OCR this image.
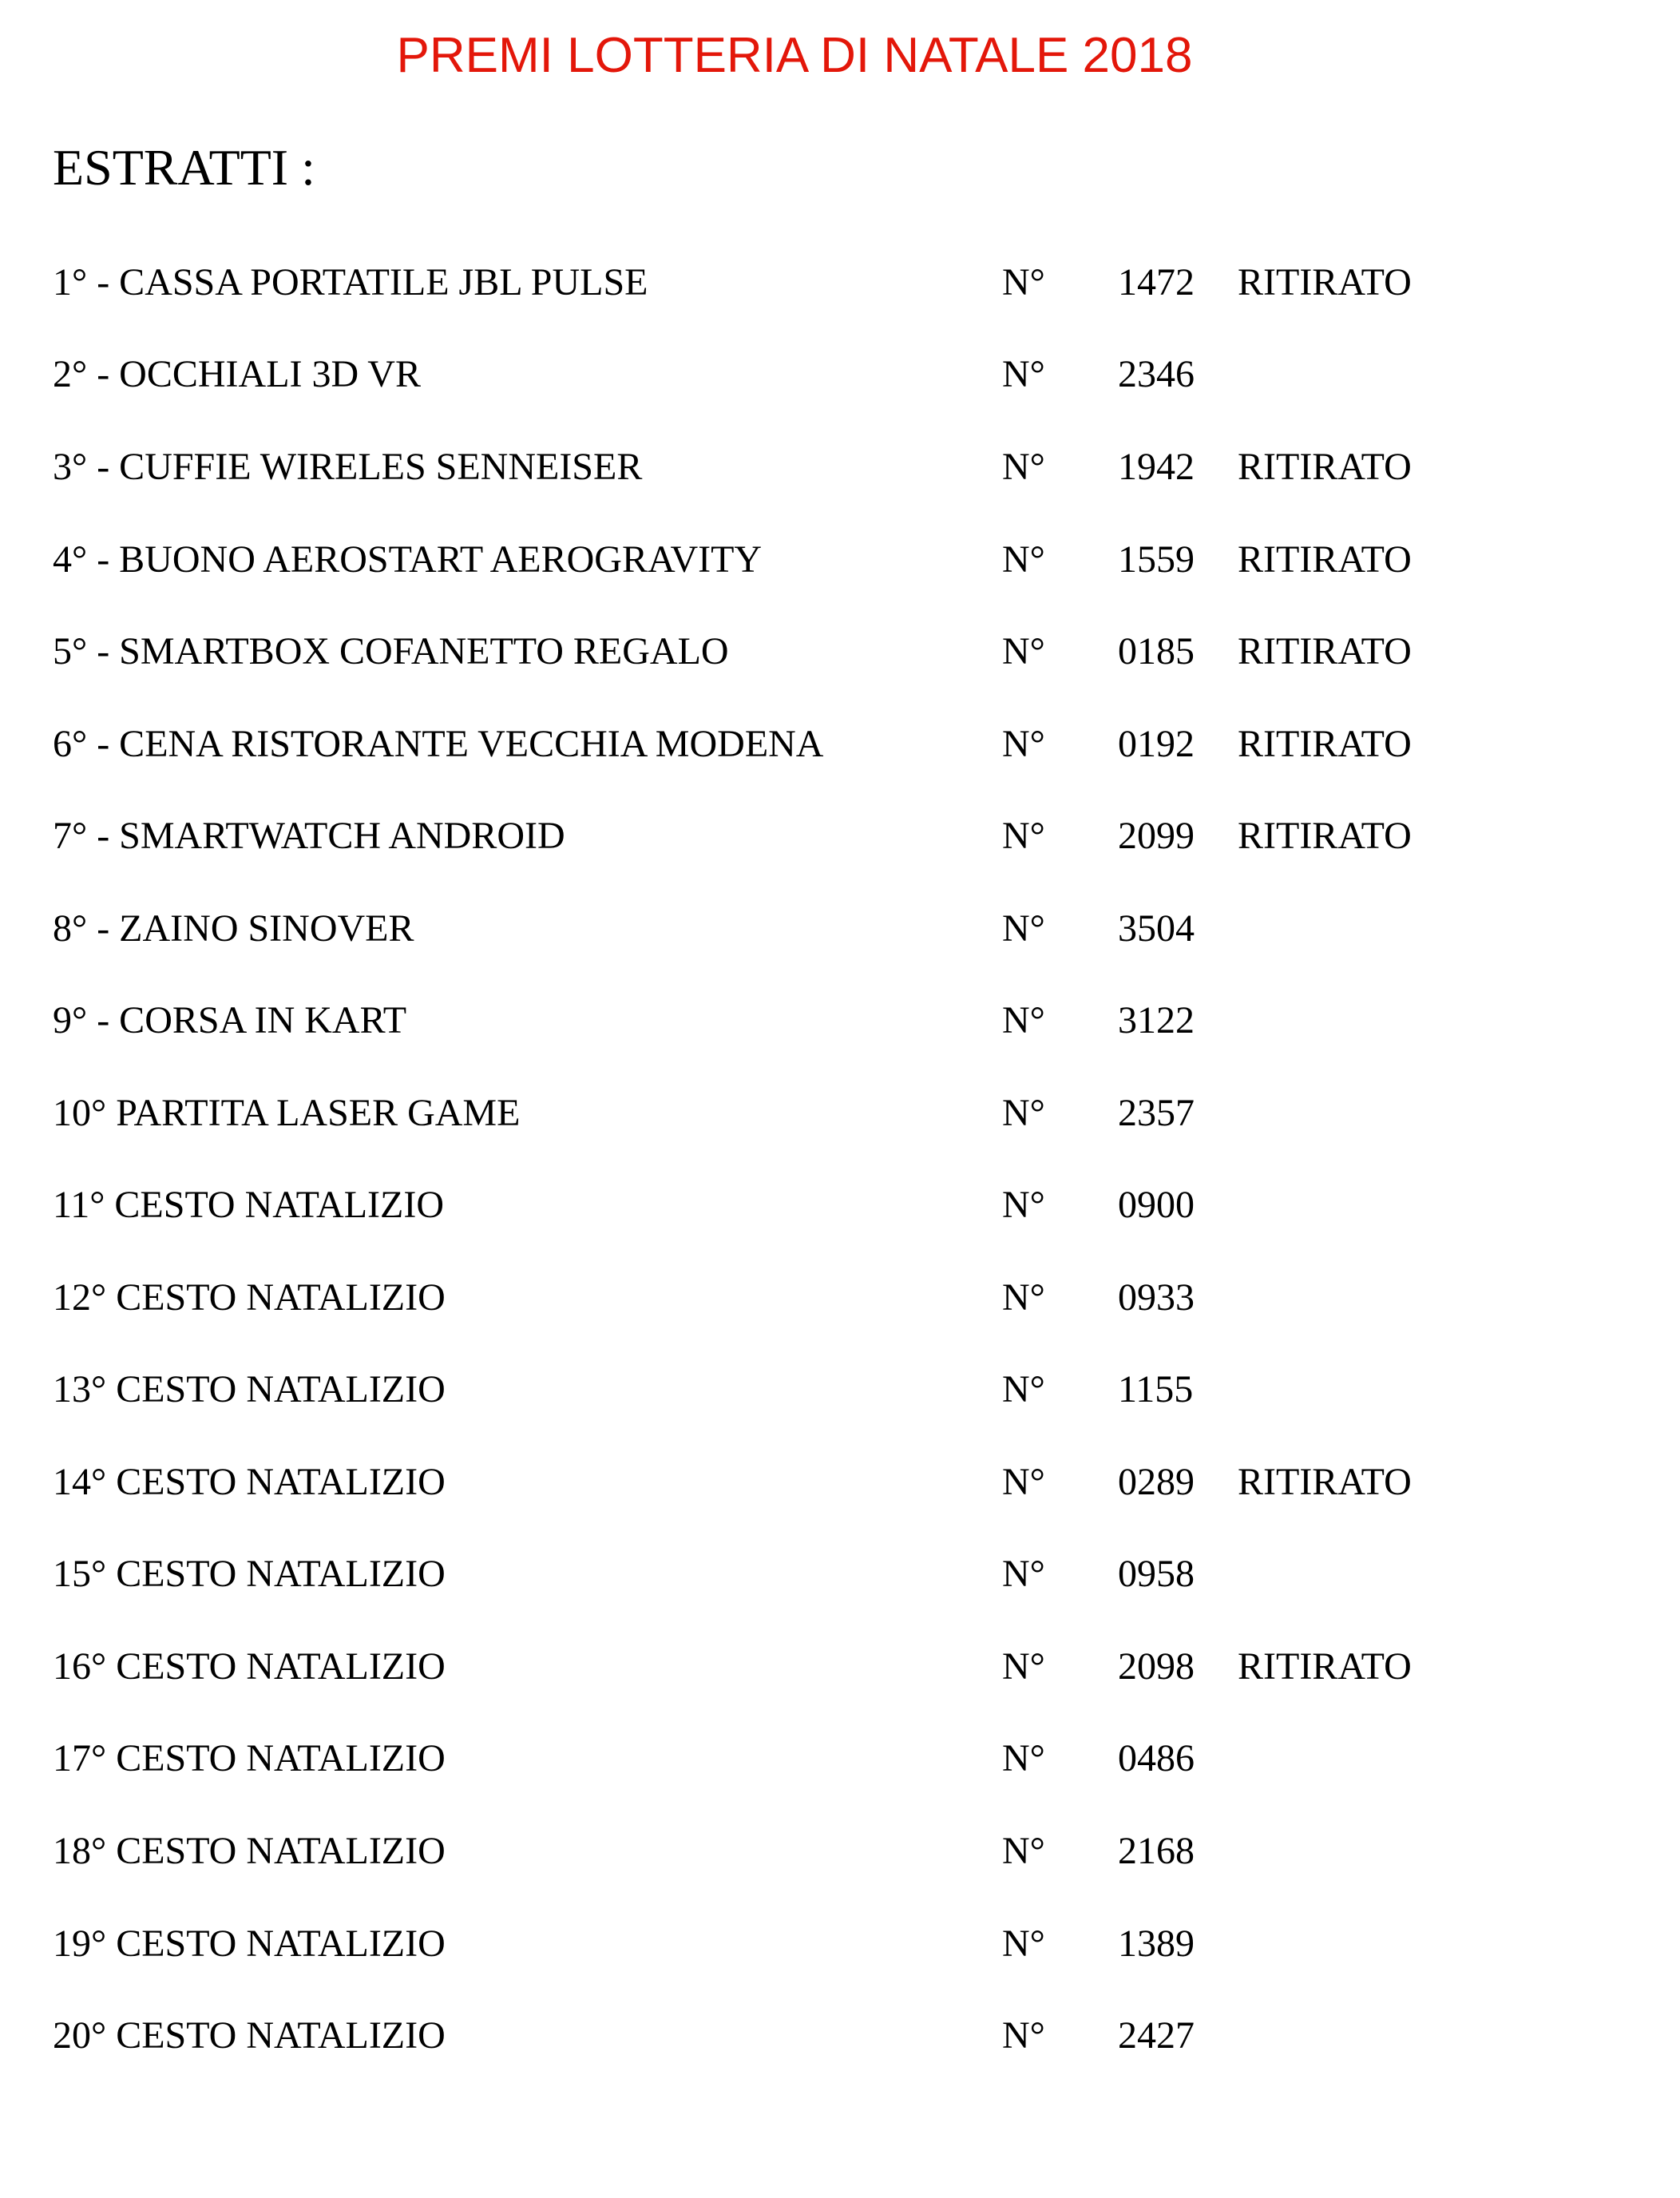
PREMI LOTTERIA DI NATALE 2018
ESTRATTI :
1° - CASSA PORTATILE JBL PULSE	N° 1472 RITIRATO
2° - OCCHIALI 3D VR	N° 2346
3° - CUFFIE WIRELES SENNEISER	N° 1942 RITIRATO
4° - BUONO AEROSTART AEROGRAVITY	N° 1559 RITIRATO
5° - SMARTBOX COFANETTO REGALO	N° 0185 RITIRATO
6° - CENA RISTORANTE VECCHIA MODENA	N° 0192 RITIRATO
7° - SMARTWATCH ANDROID	N° 2099 RITIRATO
8° - ZAINO SINOVER	N° 3504
9° - CORSA IN KART	N° 3122
10° PARTITA LASER GAME	N° 2357
11° CESTO NATALIZIO	N° 0900
12° CESTO NATALIZIO	N° 0933
13° CESTO NATALIZIO	N° 1155
14° CESTO NATALIZIO	N° 0289 RITIRATO
15° CESTO NATALIZIO	N° 0958
16° CESTO NATALIZIO	N° 2098 RITIRATO
17° CESTO NATALIZIO	N° 0486
18° CESTO NATALIZIO	N° 2168
19° CESTO NATALIZIO	N° 1389
20° CESTO NATALIZIO	N° 2427
